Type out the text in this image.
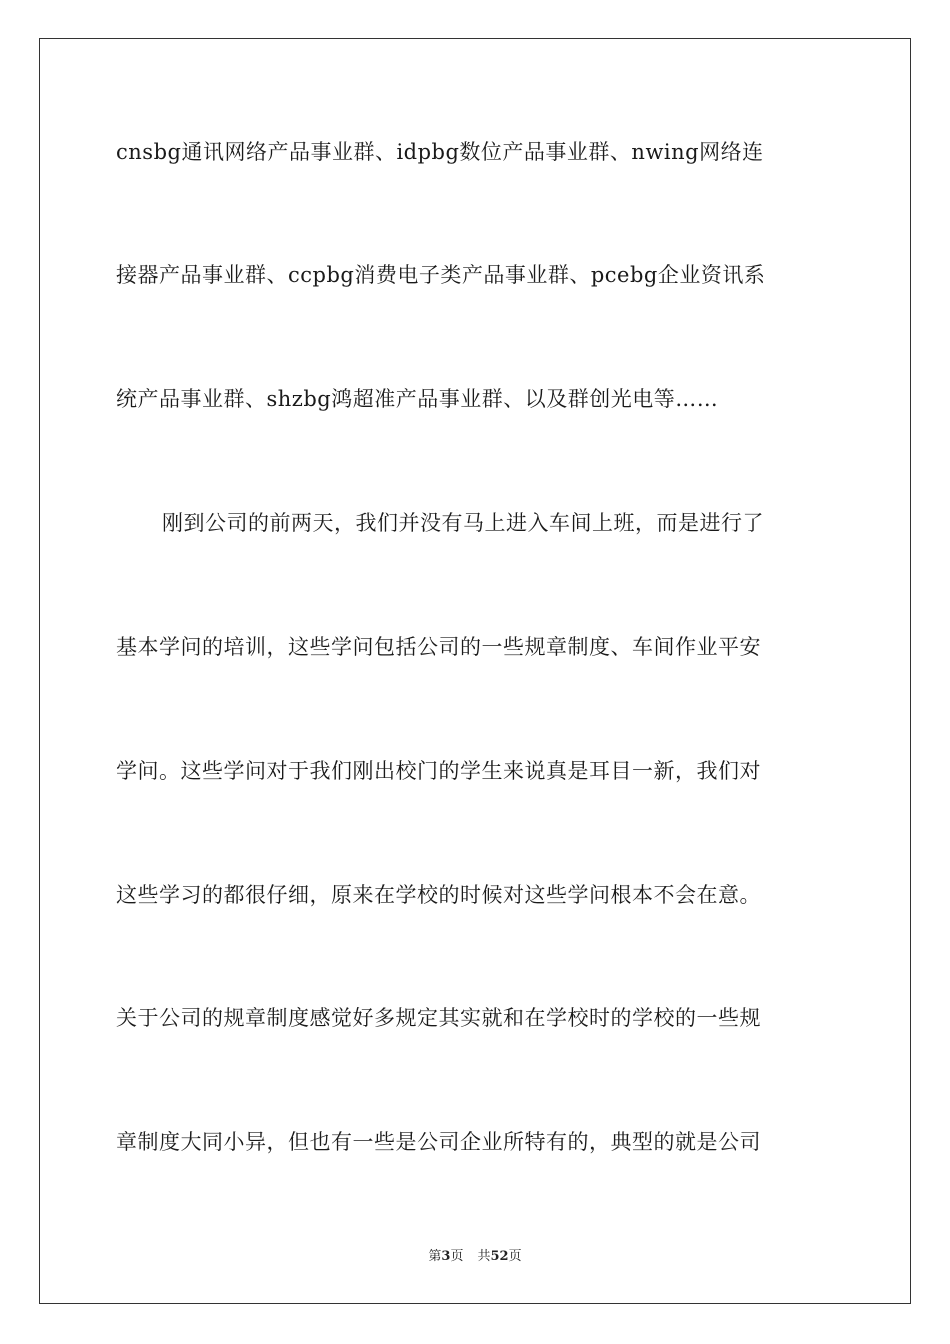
cnsbg通讯网络产品事业群、idpbg数位产品事业群、nwing网络连
接器产品事业群、ccpbg消费电子类产品事业群、pcebg企业资讯系
统产品事业群、shzbg鸿超准产品事业群、以及群创光电等……
刚到公司的前两天，我们并没有马上进入车间上班，而是进行了
基本学问的培训，这些学问包括公司的一些规章制度、车间作业平安
学问。这些学问对于我们刚出校门的学生来说真是耳目一新，我们对
这些学习的都很仔细，原来在学校的时候对这些学问根本不会在意。
关于公司的规章制度感觉好多规定其实就和在学校时的学校的一些规
章制度大同小异，但也有一些是公司企业所特有的，典型的就是公司
第3页 共52页
